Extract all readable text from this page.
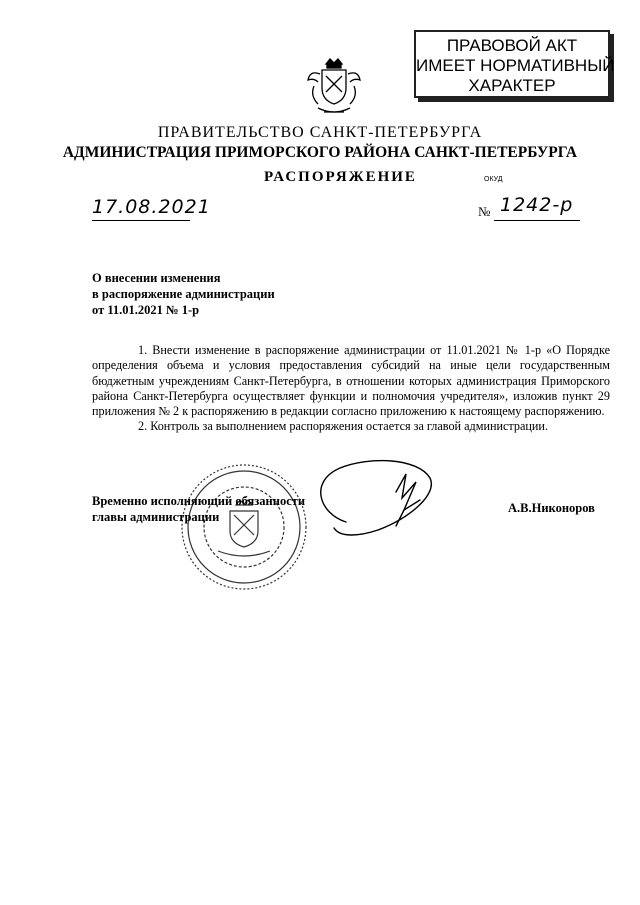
ПРАВОВОЙ АКТ
ИМЕЕТ НОРМАТИВНЫЙ
ХАРАКТЕР
ПРАВИТЕЛЬСТВО САНКТ-ПЕТЕРБУРГА
АДМИНИСТРАЦИЯ ПРИМОРСКОГО РАЙОНА САНКТ-ПЕТЕРБУРГА
РАСПОРЯЖЕНИЕ	ОКУД
17.08.2021	№ 1242-р
О внесении изменения
в распоряжение администрации
от 11.01.2021 № 1-р

1. Внести изменение в распоряжение администрации от 11.01.2021 № 1-р «О Порядке определения объема и условия предоставления субсидий на иные цели государственным бюджетным учреждениям Санкт-Петербурга, в отношении которых администрация Приморского района Санкт-Петербурга осуществляет функции и полномочия учредителя», изложив пункт 29 приложения № 2 к распоряжению в редакции согласно приложению к настоящему распоряжению.

2. Контроль за выполнением распоряжения остается за главой администрации.

Временно исполняющий обязанности
главы администрации
А.В.Никоноров
